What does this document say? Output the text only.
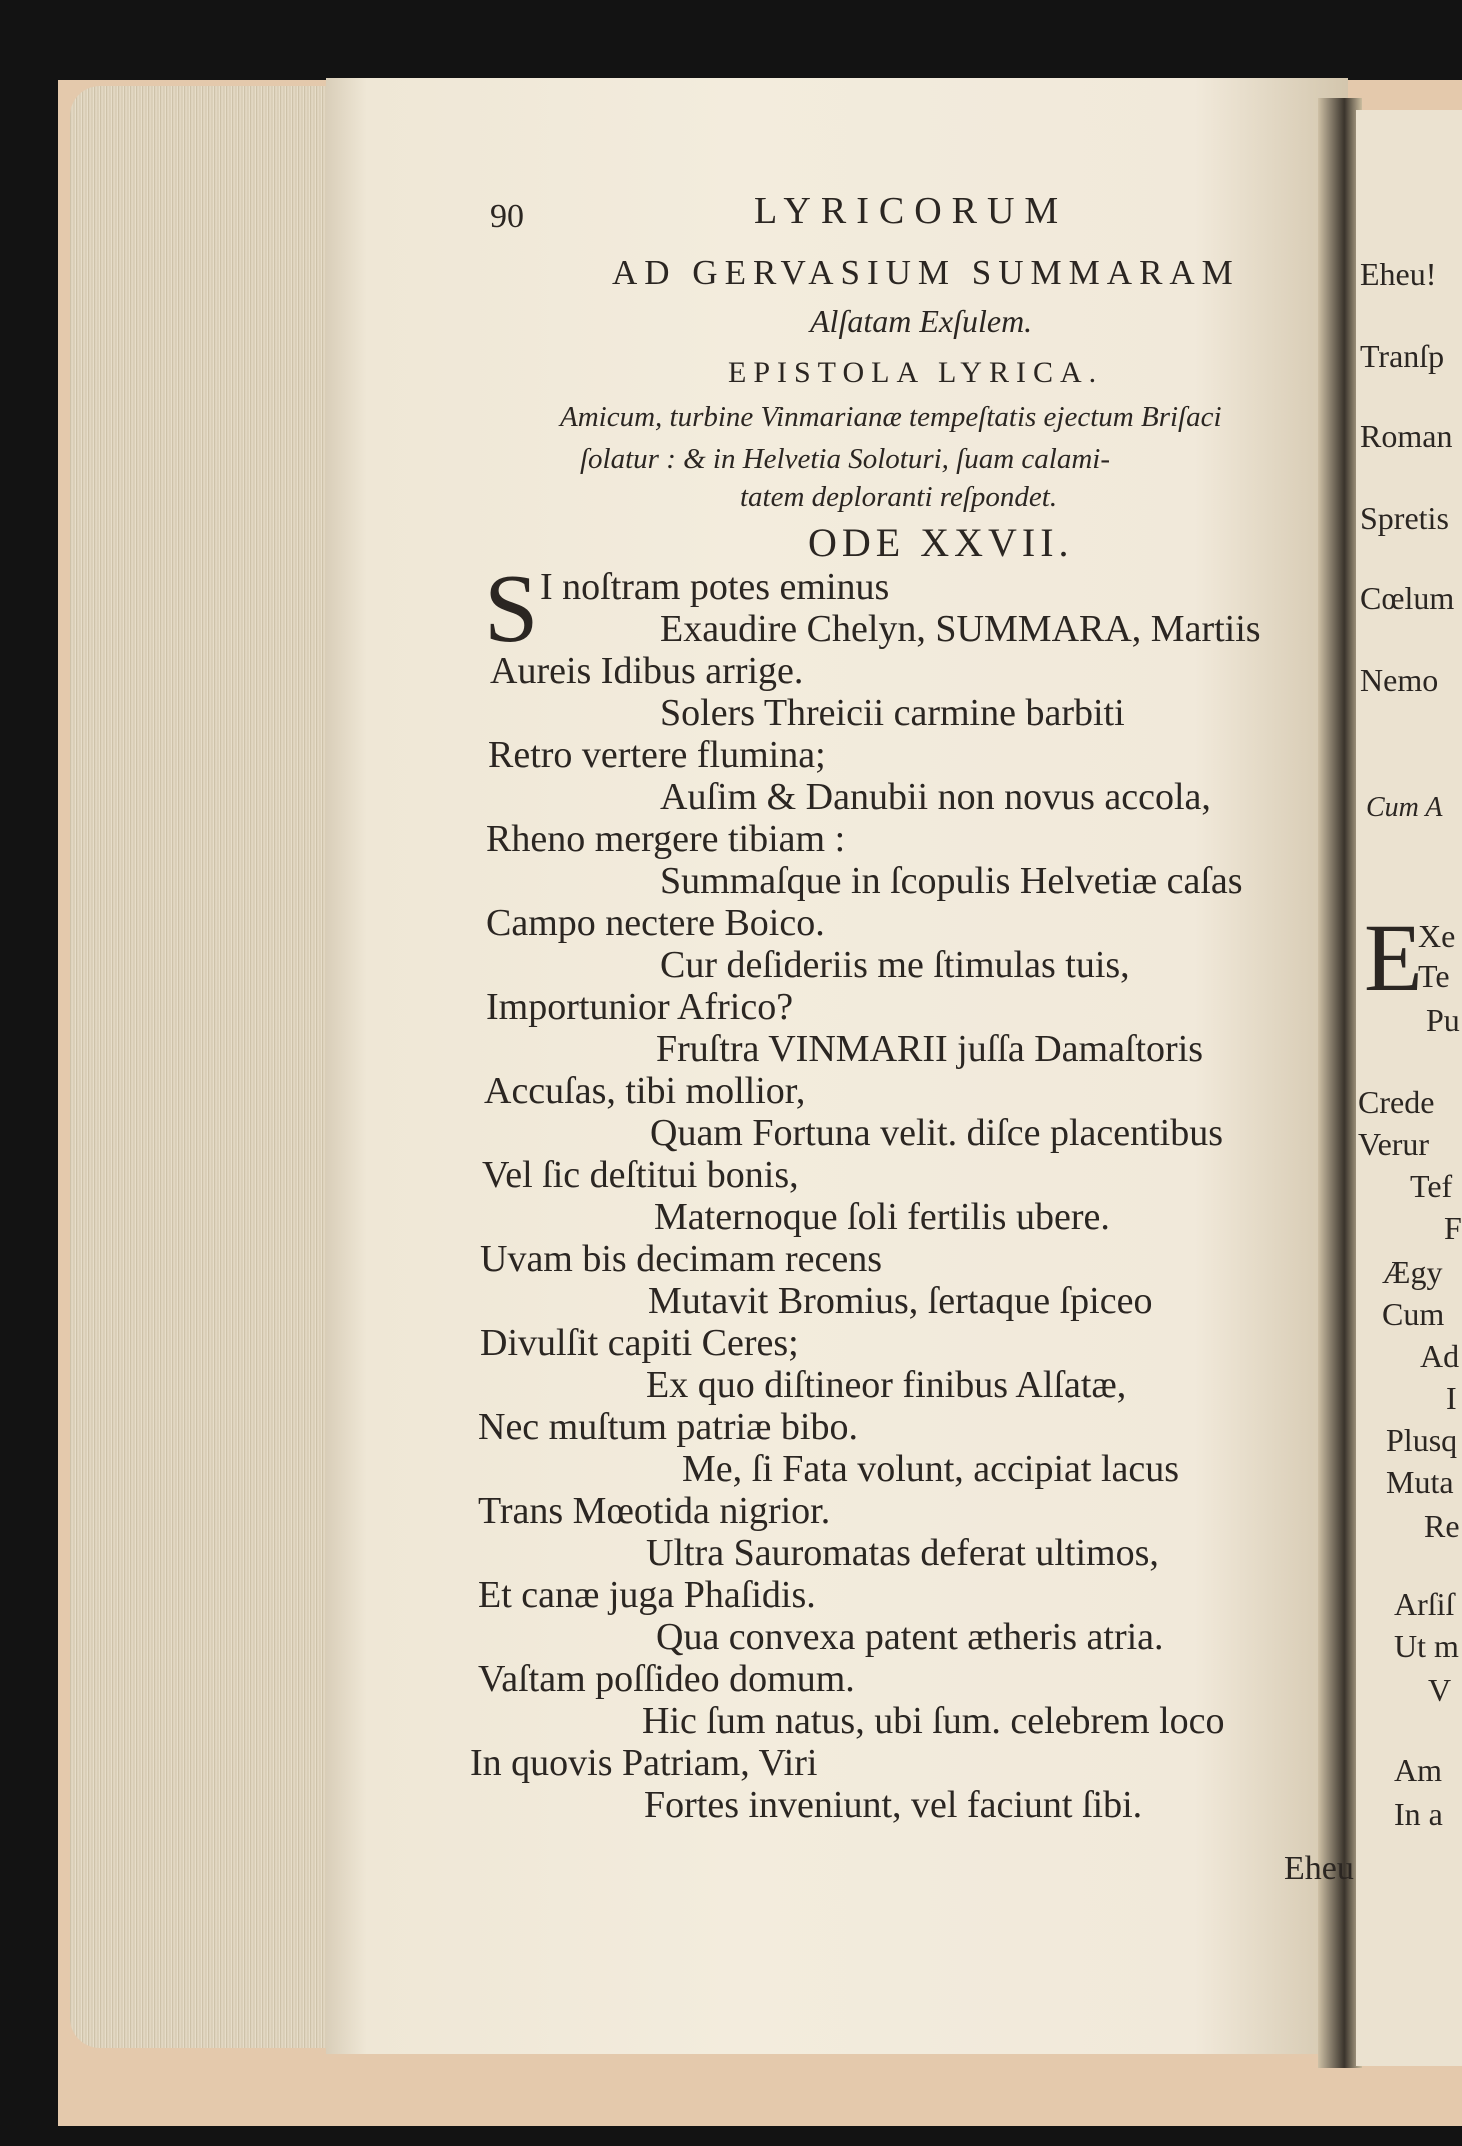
Eheu!
Tranſp
Roman
Spretis
Cœlum
Nemo
Cum A
E
Xe
Te
Pu
Crede
Verur
Tef
F
Ægy
Cum
Ad
I
Plusq
Muta
Re
Arſiſ
Ut m
V
Am
In a
90	LYRICORUM
AD GERVASIUM SUMMARAM
Alſatam Exſulem.
EPISTOLA LYRICA.
Amicum, turbine Vinmarianæ tempeſtatis ejectum Briſaci
ſolatur : & in Helvetia Soloturi, ſuam calami-
tatem deploranti reſpondet.
ODE XXVII.
S I noſtram potes eminus
Exaudire Chelyn, SUMMARA, Martiis
Aureis Idibus arrige.
Solers Threicii carmine barbiti
Retro vertere flumina;
Auſim & Danubii non novus accola,
Rheno mergere tibiam :
Summaſque in ſcopulis Helvetiæ caſas
Campo nectere Boico.
Cur deſideriis me ſtimulas tuis,
Importunior Africo?
Fruſtra VINMARII juſſa Damaſtoris
Accuſas, tibi mollior,
Quam Fortuna velit. diſce placentibus
Vel ſic deſtitui bonis,
Maternoque ſoli fertilis ubere.
Uvam bis decimam recens
Mutavit Bromius, ſertaque ſpiceo
Divulſit capiti Ceres;
Ex quo diſtineor finibus Alſatæ,
Nec muſtum patriæ bibo.
Me, ſi Fata volunt, accipiat lacus
Trans Mœotida nigrior.
Ultra Sauromatas deferat ultimos,
Et canæ juga Phaſidis.
Qua convexa patent ætheris atria.
Vaſtam poſſideo domum.
Hic ſum natus, ubi ſum. celebrem loco
In quovis Patriam, Viri
Fortes inveniunt, vel faciunt ſibi.
Eheu
